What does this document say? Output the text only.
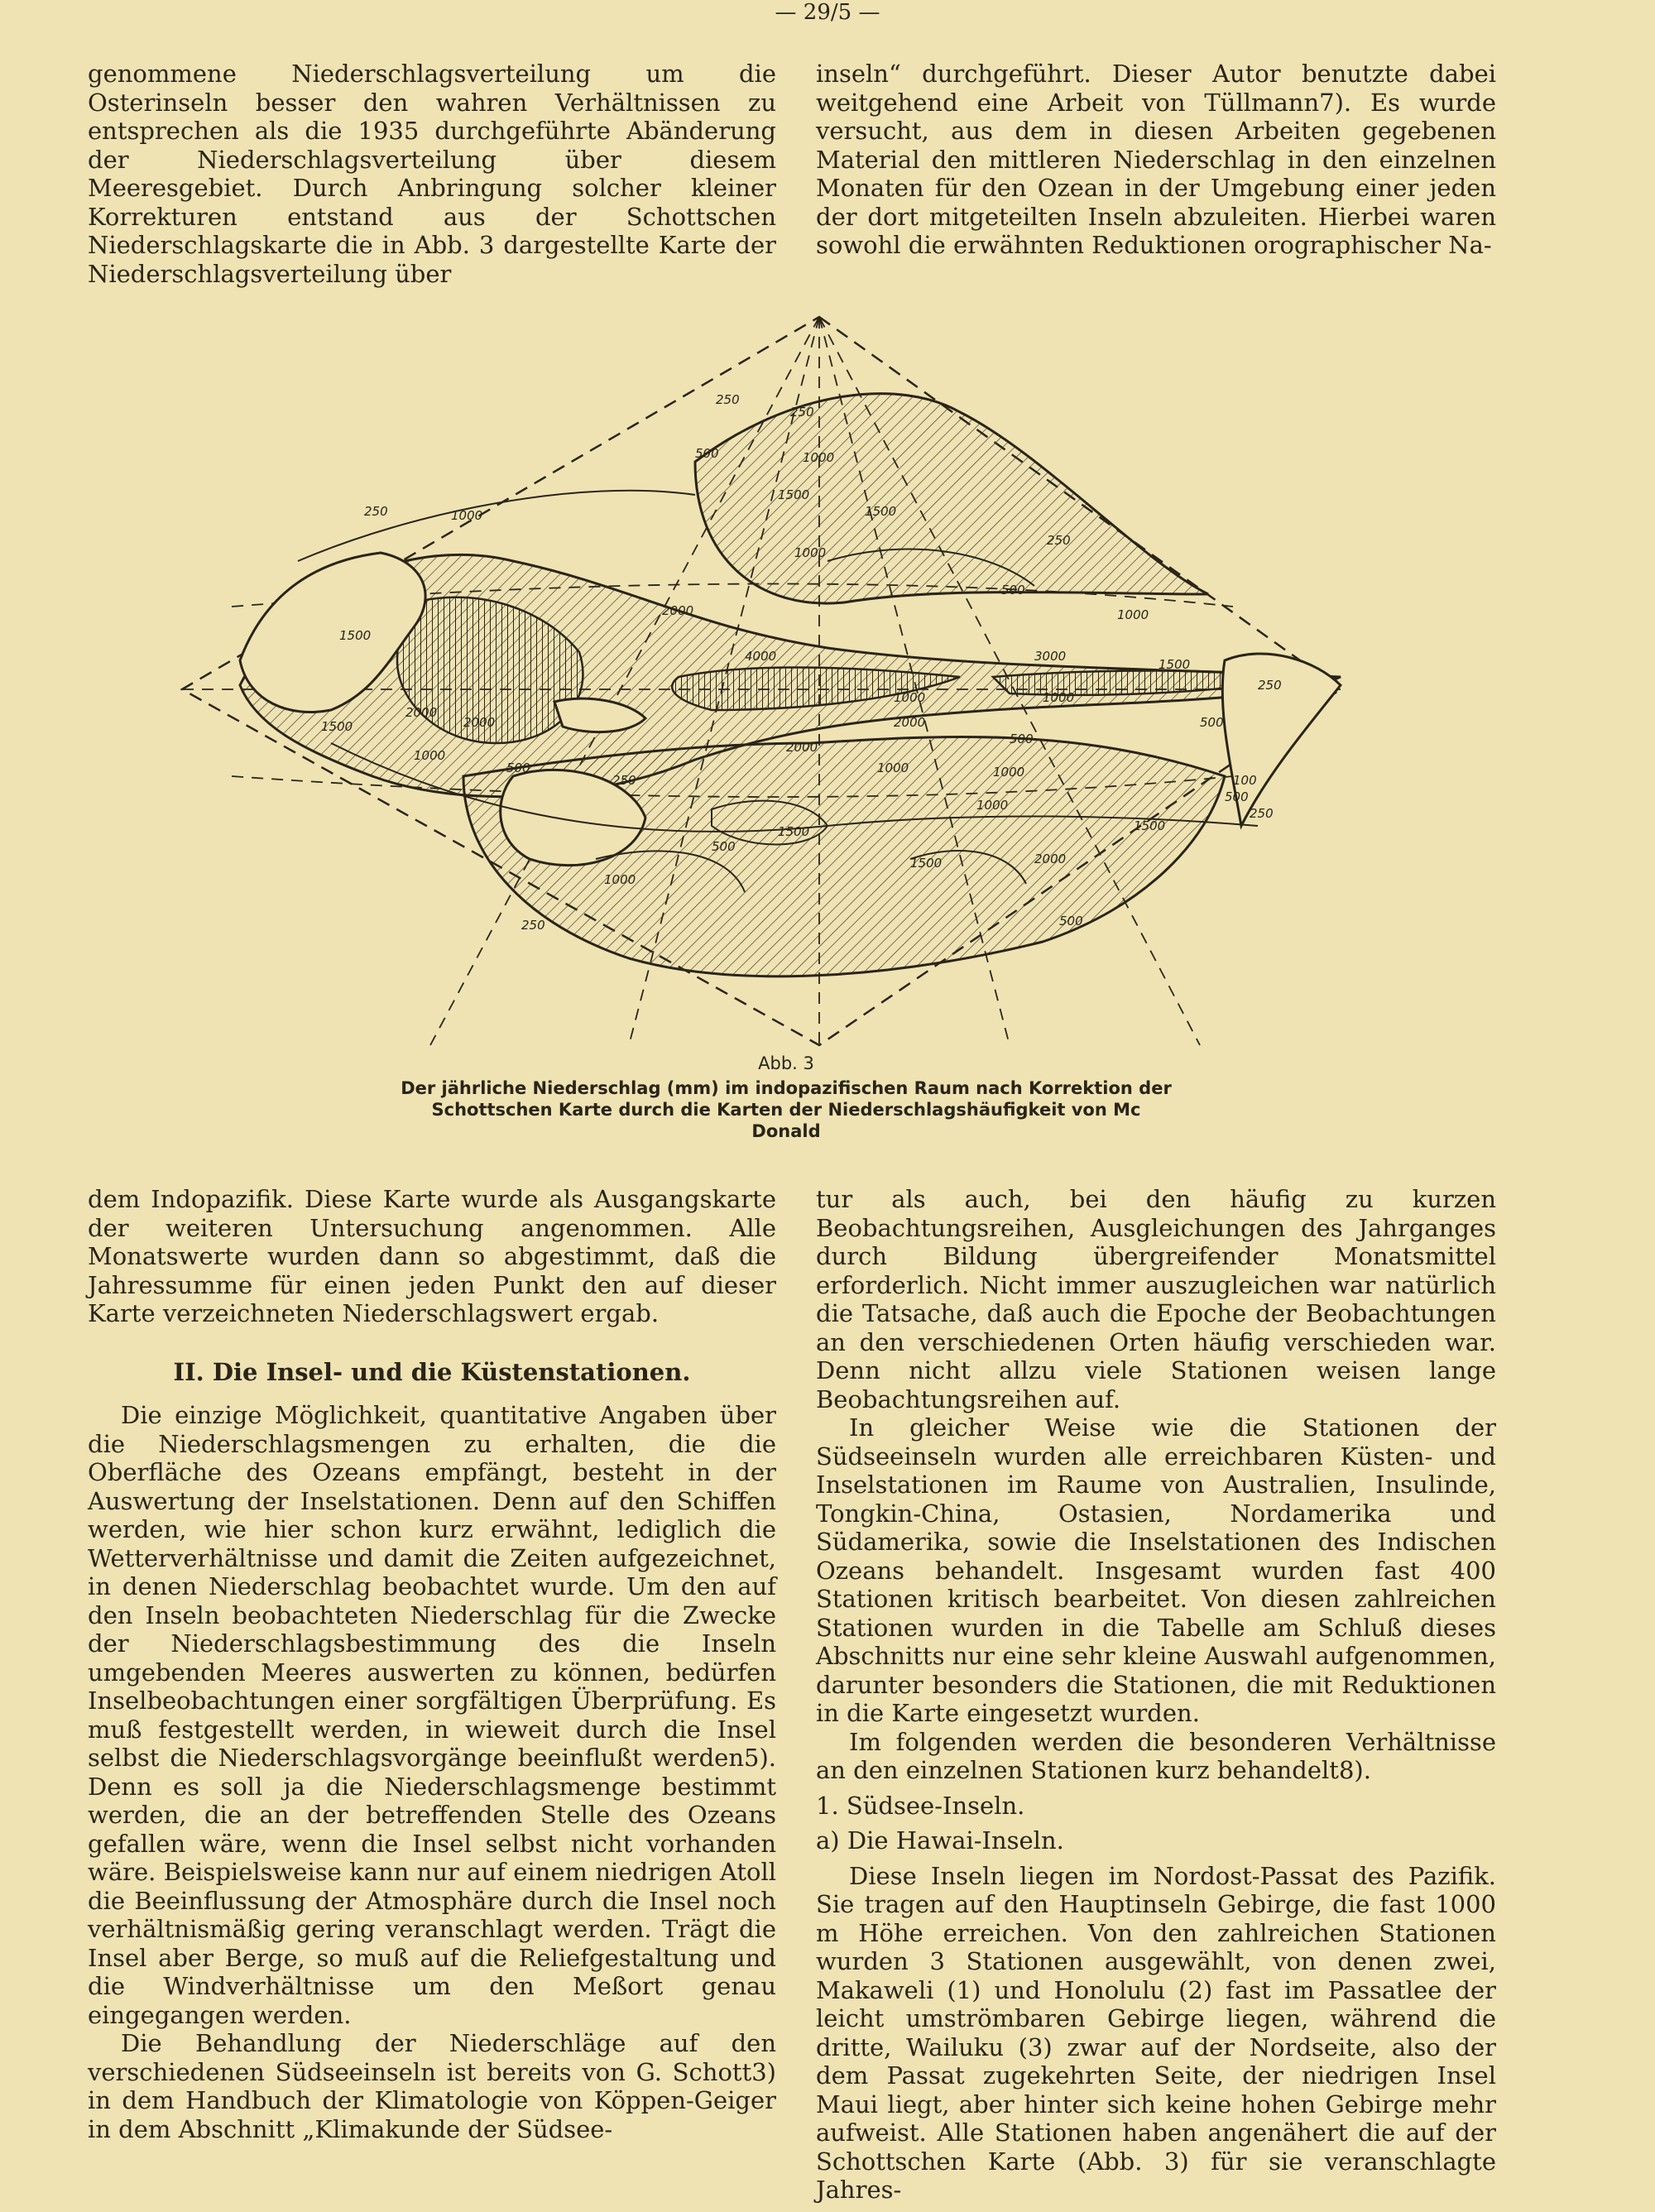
— 29/5 —

genommene Niederschlagsverteilung um die Osterinseln besser den wahren Verhältnissen zu entsprechen als die 1935 durchgeführte Abänderung der Niederschlagsverteilung über diesem Meeresgebiet. Durch Anbringung solcher kleiner Korrekturen entstand aus der Schottschen Niederschlagskarte die in Abb. 3 dargestellte Karte der Niederschlagsverteilung über

inseln“ durchgeführt. Dieser Autor benutzte dabei weitgehend eine Arbeit von Tüllmann7). Es wurde versucht, aus dem in diesen Arbeiten gegebenen Material den mittleren Niederschlag in den einzelnen Monaten für den Ozean in der Umgebung einer jeden der dort mitgeteilten Inseln abzuleiten. Hierbei waren sowohl die erwähnten Reduktionen orographischer Na-

250
250
500	1000
1500
1500
1000
250
500
1000
2000
3000
4000
2000
1000
500
250	1000
1500
2000
1000
500
250
1500	2000
1500
1000
500
250
1000
1500
2000
500
100
250
500
1000
1500
2000
1000
500
250
1000
1500
Abb. 3
Der jährliche Niederschlag (mm) im indopazifischen Raum nach Korrektion der Schottschen Karte durch die Karten der Niederschlagshäufigkeit von Mc Donald

dem Indopazifik. Diese Karte wurde als Ausgangskarte der weiteren Untersuchung angenommen. Alle Monatswerte wurden dann so abgestimmt, daß die Jahressumme für einen jeden Punkt den auf dieser Karte verzeichneten Niederschlagswert ergab.

II. Die Insel- und die Küstenstationen.

Die einzige Möglichkeit, quantitative Angaben über die Niederschlagsmengen zu erhalten, die die Oberfläche des Ozeans empfängt, besteht in der Auswertung der Inselstationen. Denn auf den Schiffen werden, wie hier schon kurz erwähnt, lediglich die Wetterverhältnisse und damit die Zeiten aufgezeichnet, in denen Niederschlag beobachtet wurde. Um den auf den Inseln beobachteten Niederschlag für die Zwecke der Niederschlagsbestimmung des die Inseln umgebenden Meeres auswerten zu können, bedürfen Inselbeobachtungen einer sorgfältigen Überprüfung. Es muß festgestellt werden, in wieweit durch die Insel selbst die Niederschlagsvorgänge beeinflußt werden5). Denn es soll ja die Niederschlagsmenge bestimmt werden, die an der betreffenden Stelle des Ozeans gefallen wäre, wenn die Insel selbst nicht vorhanden wäre. Beispielsweise kann nur auf einem niedrigen Atoll die Beeinflussung der Atmosphäre durch die Insel noch verhältnismäßig gering veranschlagt werden. Trägt die Insel aber Berge, so muß auf die Reliefgestaltung und die Windverhältnisse um den Meßort genau eingegangen werden.

Die Behandlung der Niederschläge auf den verschiedenen Südseeinseln ist bereits von G. Schott3) in dem Handbuch der Klimatologie von Köppen-Geiger in dem Abschnitt „Klimakunde der Südsee-

tur als auch, bei den häufig zu kurzen Beobachtungsreihen, Ausgleichungen des Jahrganges durch Bildung übergreifender Monatsmittel erforderlich. Nicht immer auszugleichen war natürlich die Tatsache, daß auch die Epoche der Beobachtungen an den verschiedenen Orten häufig verschieden war. Denn nicht allzu viele Stationen weisen lange Beobachtungsreihen auf.

In gleicher Weise wie die Stationen der Südseeinseln wurden alle erreichbaren Küsten- und Inselstationen im Raume von Australien, Insulinde, Tongkin-China, Ostasien, Nordamerika und Südamerika, sowie die Inselstationen des Indischen Ozeans behandelt. Insgesamt wurden fast 400 Stationen kritisch bearbeitet. Von diesen zahlreichen Stationen wurden in die Tabelle am Schluß dieses Abschnitts nur eine sehr kleine Auswahl aufgenommen, darunter besonders die Stationen, die mit Reduktionen in die Karte eingesetzt wurden.

Im folgenden werden die besonderen Verhältnisse an den einzelnen Stationen kurz behandelt8).

1. Südsee-Inseln.

a) Die Hawai-Inseln.

Diese Inseln liegen im Nordost-Passat des Pazifik. Sie tragen auf den Hauptinseln Gebirge, die fast 1000 m Höhe erreichen. Von den zahlreichen Stationen wurden 3 Stationen ausgewählt, von denen zwei, Makaweli (1) und Honolulu (2) fast im Passatlee der leicht umströmbaren Gebirge liegen, während die dritte, Wailuku (3) zwar auf der Nordseite, also der dem Passat zugekehrten Seite, der niedrigen Insel Maui liegt, aber hinter sich keine hohen Gebirge mehr aufweist. Alle Stationen haben angenähert die auf der Schottschen Karte (Abb. 3) für sie veranschlagte Jahres-
